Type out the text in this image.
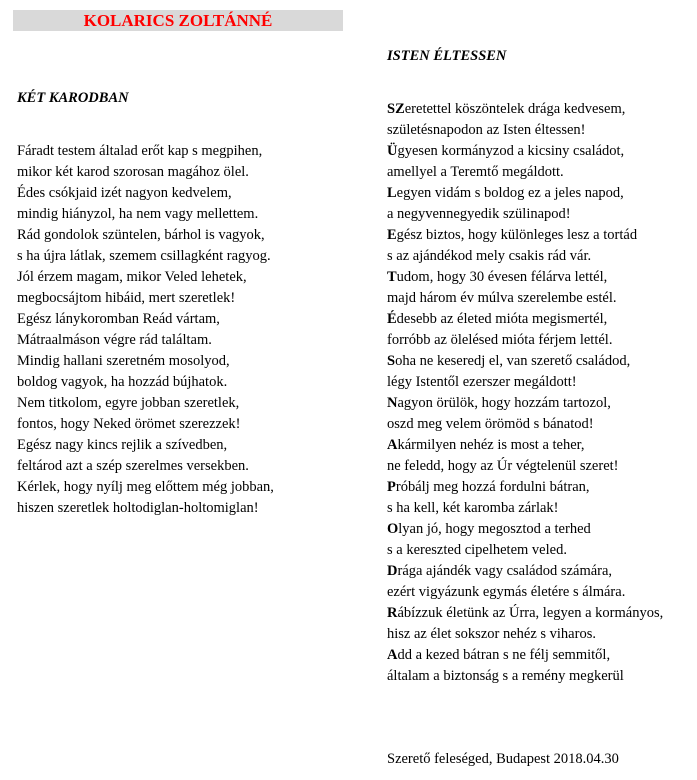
KOLARICS ZOLTÁNNÉ
KÉT KARODBAN
Fáradt testem általad erőt kap s megpihen,
mikor két karod szorosan magához ölel.
Édes csókjaid izét nagyon kedvelem,
mindig hiányzol, ha nem vagy mellettem.
Rád gondolok szüntelen, bárhol is vagyok,
s ha újra látlak, szemem csillagként ragyog.
Jól érzem magam, mikor Veled lehetek,
megbocsájtom hibáid, mert szeretlek!
Egész lánykoromban Reád vártam,
Mátraalmáson végre rád találtam.
Mindig hallani szeretném mosolyod,
boldog vagyok, ha hozzád bújhatok.
Nem titkolom, egyre jobban szeretlek,
fontos, hogy Neked örömet szerezzek!
Egész nagy kincs rejlik a szívedben,
feltárod azt a szép szerelmes versekben.
Kérlek, hogy nyílj meg előttem még jobban,
hiszen szeretlek holtodiglan-holtomiglan!
ISTEN ÉLTESSEN
SZeretettel köszöntelek drága kedvesem,
születésnapodon az Isten éltessen!
Ügyesen kormányzod a kicsiny családot,
amellyel a Teremtő megáldott.
Legyen vidám s boldog ez a jeles napod,
a negyvennegyedik szülinapod!
Egész biztos, hogy különleges lesz a tortád
s az ajándékod mely csakis rád vár.
Tudom, hogy 30 évesen félárva lettél,
majd három év múlva szerelembe estél.
Édesebb az életed mióta megismertél,
forróbb az ölelésed mióta férjem lettél.
Soha ne keseredj el, van szerető családod,
légy Istentől ezerszer megáldott!
Nagyon örülök, hogy hozzám tartozol,
oszd meg velem örömöd s bánatod!
Akármilyen nehéz is most a teher,
ne feledd, hogy az Úr végtelenül szeret!
Próbálj meg hozzá fordulni bátran,
s ha kell, két karomba zárlak!
Olyan jó, hogy megosztod a terhed
s a kereszted cipelhetem veled.
Drága ajándék vagy családod számára,
ezért vigyázunk egymás életére s álmára.
Rábízzuk életünk az Úrra, legyen a kormányos,
hisz az élet sokszor nehéz s viharos.
Add a kezed bátran s ne félj semmitől,
általam a biztonság s a remény megkerül
Szerető feleséged, Budapest 2018.04.30
